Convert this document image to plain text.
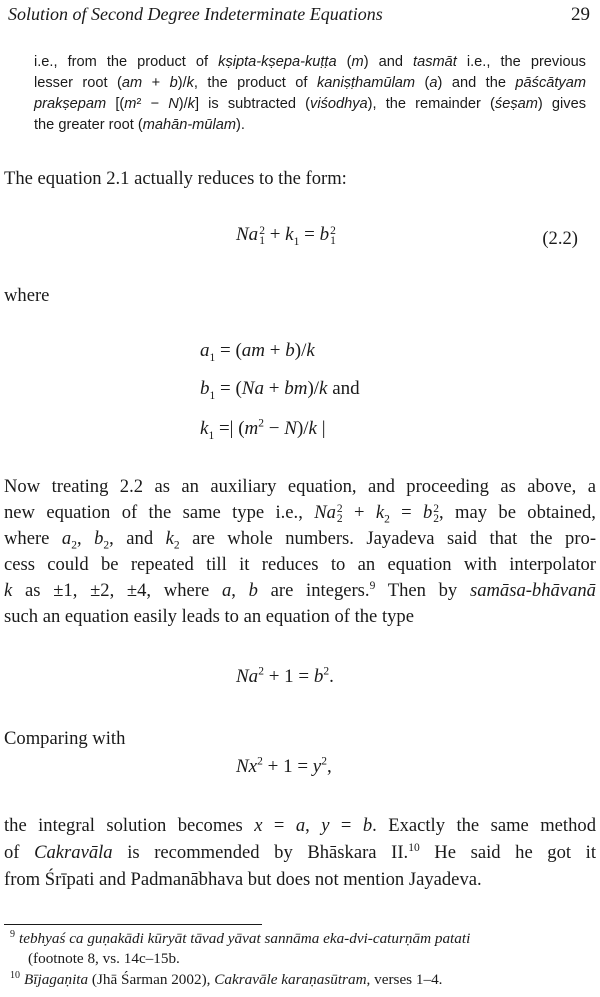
Solution of Second Degree Indeterminate Equations	29
i.e., from the product of kṣipta-kṣepa-kuṭṭa (m) and tasmāt i.e., the previous
lesser root (am + b)/k, the product of kaniṣṭhamūlam (a) and the pāścātyam
prakṣepam [(m² − N)/k] is subtracted (viśodhya), the remainder (śeṣam) gives
the greater root (mahān-mūlam).
The equation 2.1 actually reduces to the form:
Na 2
$1 + k_1 = b$ 2
1	(2.2)
where
$a_1 = (am + b)/k$
$b_1 = (Na + bm)/k$ and
$k_1$ =| $(m^2 - N)/k$ |
Now treating 2.2 as an auxiliary equation, and proceeding as above, a
new equation of the same type i.e., Na 2
$2 + k_2 = b$ 2
2 , may be obtained,
where $a_2$, $b_2$, and $k_2$ are whole numbers. Jayadeva said that the pro-
cess could be repeated till it reduces to an equation with interpolator
k as ±1, ±2, ±4, where a, b are integers.$^9$ Then by samāsa-bhāvanā
such an equation easily leads to an equation of the type
$Na^2 + 1 = b^2$.
Comparing with
$Nx^2 + 1 = y^2$,
the integral solution becomes x = a, y = b. Exactly the same method
of Cakravāla is recommended by Bhāskara II.$^{10}$ He said he got it
from Śrīpati and Padmanābhava but does not mention Jayadeva.
$^9$ tebhyaś ca guṇakādi kūryāt tāvad yāvat sannāma eka-dvi-caturṇām patati
(footnote 8, vs. 14c–15b.
$^{10}$ Bījagaṇita (Jhā Śarman 2002), Cakravāle karaṇasūtram, verses 1–4.
